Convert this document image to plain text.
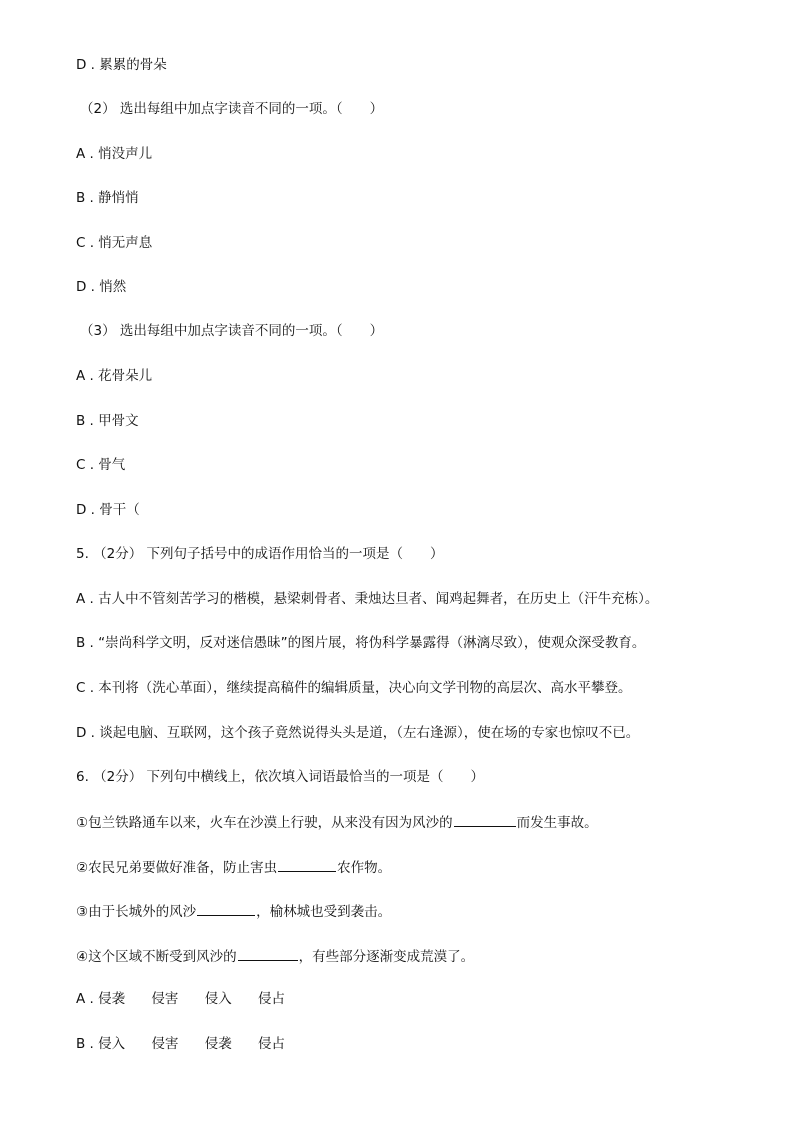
D . 累累的骨朵
（2） 选出每组中加点字读音不同的一项。（　　）
A . 悄没声儿
B . 静悄悄
C . 悄无声息
D . 悄然
（3） 选出每组中加点字读音不同的一项。（　　）
A . 花骨朵儿
B . 甲骨文
C . 骨气
D . 骨干（
5. （2分） 下列句子括号中的成语作用恰当的一项是（　　）
A . 古人中不管刻苦学习的楷模，悬梁刺骨者、秉烛达旦者、闻鸡起舞者，在历史上（汗牛充栋）。
B . “崇尚科学文明，反对迷信愚昧”的图片展，将伪科学暴露得（淋漓尽致），使观众深受教育。
C . 本刊将（洗心革面），继续提高稿件的编辑质量，决心向文学刊物的高层次、高水平攀登。
D . 谈起电脑、互联网，这个孩子竟然说得头头是道，（左右逢源），使在场的专家也惊叹不已。
6. （2分） 下列句中横线上，依次填入词语最恰当的一项是（　　）
①包兰铁路通车以来，火车在沙漠上行驶，从来没有因为风沙的	而发生事故。
②农民兄弟要做好准备，防止害虫	农作物。
③由于长城外的风沙	，榆林城也受到袭击。
④这个区域不断受到风沙的	，有些部分逐渐变成荒漠了。
A . 侵袭 侵害 侵入 侵占
B . 侵入 侵害 侵袭 侵占
